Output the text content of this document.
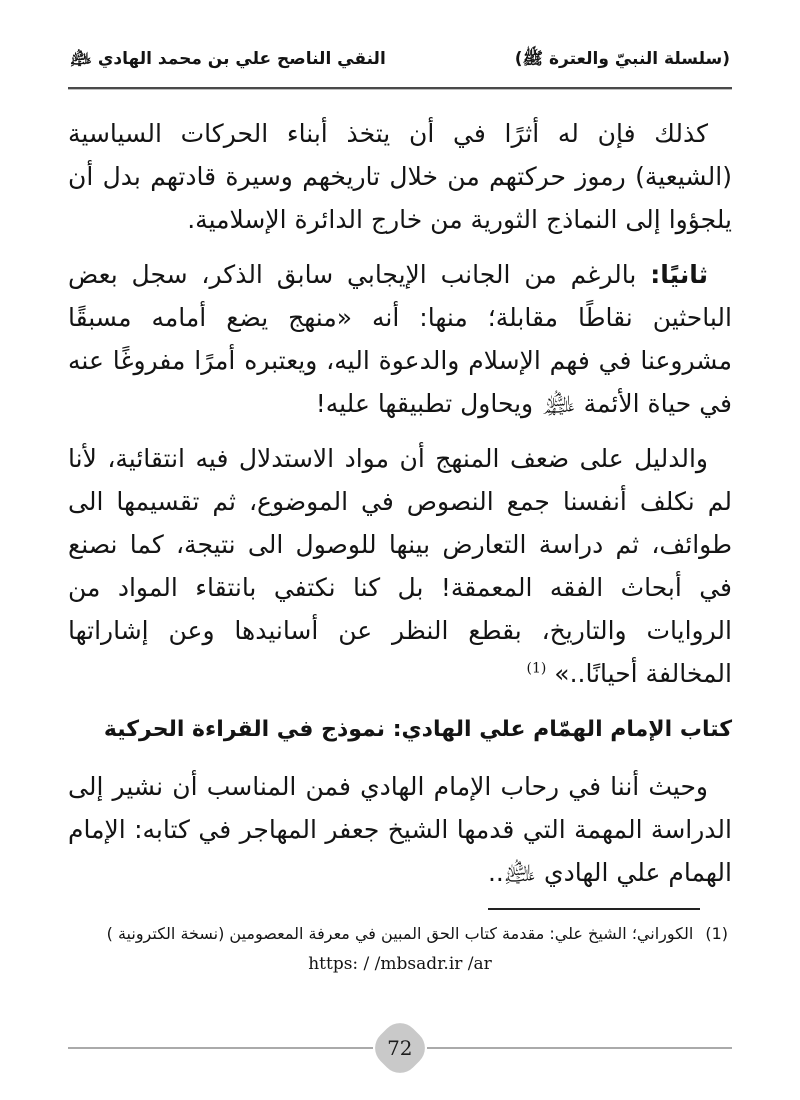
(سلسلة النبيّ والعترة ﷺ)
النقي الناصح علي بن محمد الهادي ﵇

كذلك فإن له أثرًا في أن يتخذ أبناء الحركات السياسية (الشيعية) رموز حركتهم من خلال تاريخهم وسيرة قادتهم بدل أن يلجؤوا إلى النماذج الثورية من خارج الدائرة الإسلامية.

ثانيًا: بالرغم من الجانب الإيجابي سابق الذكر، سجل بعض الباحثين نقاطًا مقابلة؛ منها: أنه «منهج يضع أمامه مسبقًا مشروعنا في فهم الإسلام والدعوة اليه، ويعتبره أمرًا مفروغًا عنه في حياة الأئمة ﵈ ويحاول تطبيقها عليه!

والدليل على ضعف المنهج أن مواد الاستدلال فيه انتقائية، لأنا لم نكلف أنفسنا جمع النصوص في الموضوع، ثم تقسيمها الى طوائف، ثم دراسة التعارض بينها للوصول الى نتيجة، كما نصنع في أبحاث الفقه المعمقة! بل كنا نكتفي بانتقاء المواد من الروايات والتاريخ، بقطع النظر عن أسانيدها وعن إشاراتها المخالفة أحيانًا..» $^{(1)}$

كتاب الإمام الهمّام علي الهادي: نموذج في القراءة الحركية

وحيث أننا في رحاب الإمام الهادي فمن المناسب أن نشير إلى الدراسة المهمة التي قدمها الشيخ جعفر المهاجر في كتابه: الإمام الهمام علي الهادي ﵇..

(1)الكوراني؛ الشيخ علي: مقدمة كتاب الحق المبين في معرفة المعصومين (نسخة الكترونية )

https: / /mbsadr.ir /ar

72
